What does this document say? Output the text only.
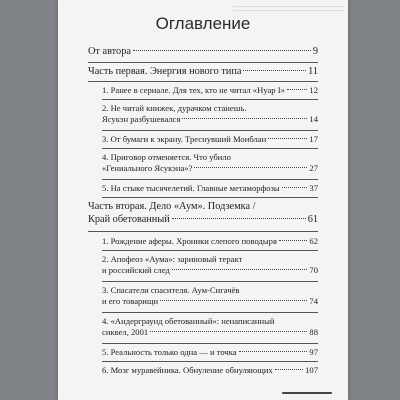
Оглавление
От автора	9
Часть первая. Энергия нового типа	11
1. Ранее в сериале. Для тех, кто не читал «Нуар I»	12
2. Не читай книжек, дурачком станешь.
Ясукэн разбушевался	14
3. От бумаги к экрану. Треснувший Моиблан	17
4. Приговор отменяется. Что убило
«Гениального Ясукэна»?	27
5. На стыке тысячелетий. Главные метаморфозы	37
Часть вторая. Дело «Аум». Подземка /
Край обетованный	61
1. Рождение аферы. Хроники слепого поводыря	62
2. Апофеоз «Аума»: зариновый теракт
и российский след	70
3. Спасатели спасителя. Аум-Сигачёв
и его товарищи	74
4. «Андерграунд обетованный»: ненаписанный
сиквел, 2001	88
5. Реальность только одна — и точка	97
6. Мозг муравейника. Обнуление обнуляющих	107
